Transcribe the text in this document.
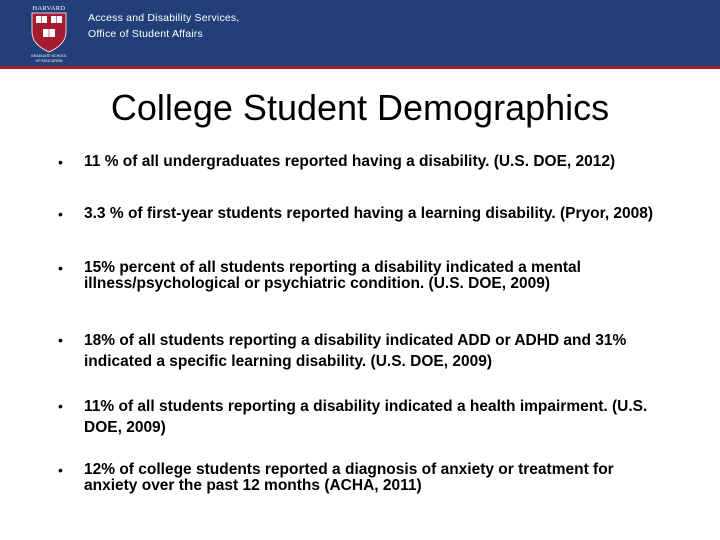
HARVARD
GRADUATE SCHOOL
OF EDUCATION
Access and Disability Services,
Office of Student Affairs
College Student Demographics
• 11 % of all undergraduates reported having a disability. (U.S. DOE, 2012)
• 3.3 % of first-year students reported having a learning disability. (Pryor, 2008)
• 15% percent of all students reporting a disability indicated a mental illness/psychological or psychiatric condition. (U.S. DOE, 2009)
• 18% of all students reporting a disability indicated ADD or ADHD and 31% indicated a specific learning disability. (U.S. DOE, 2009)
• 11% of all students reporting a disability indicated a health impairment. (U.S. DOE, 2009)
• 12% of college students reported a diagnosis of anxiety or treatment for anxiety over the past 12 months (ACHA, 2011)
